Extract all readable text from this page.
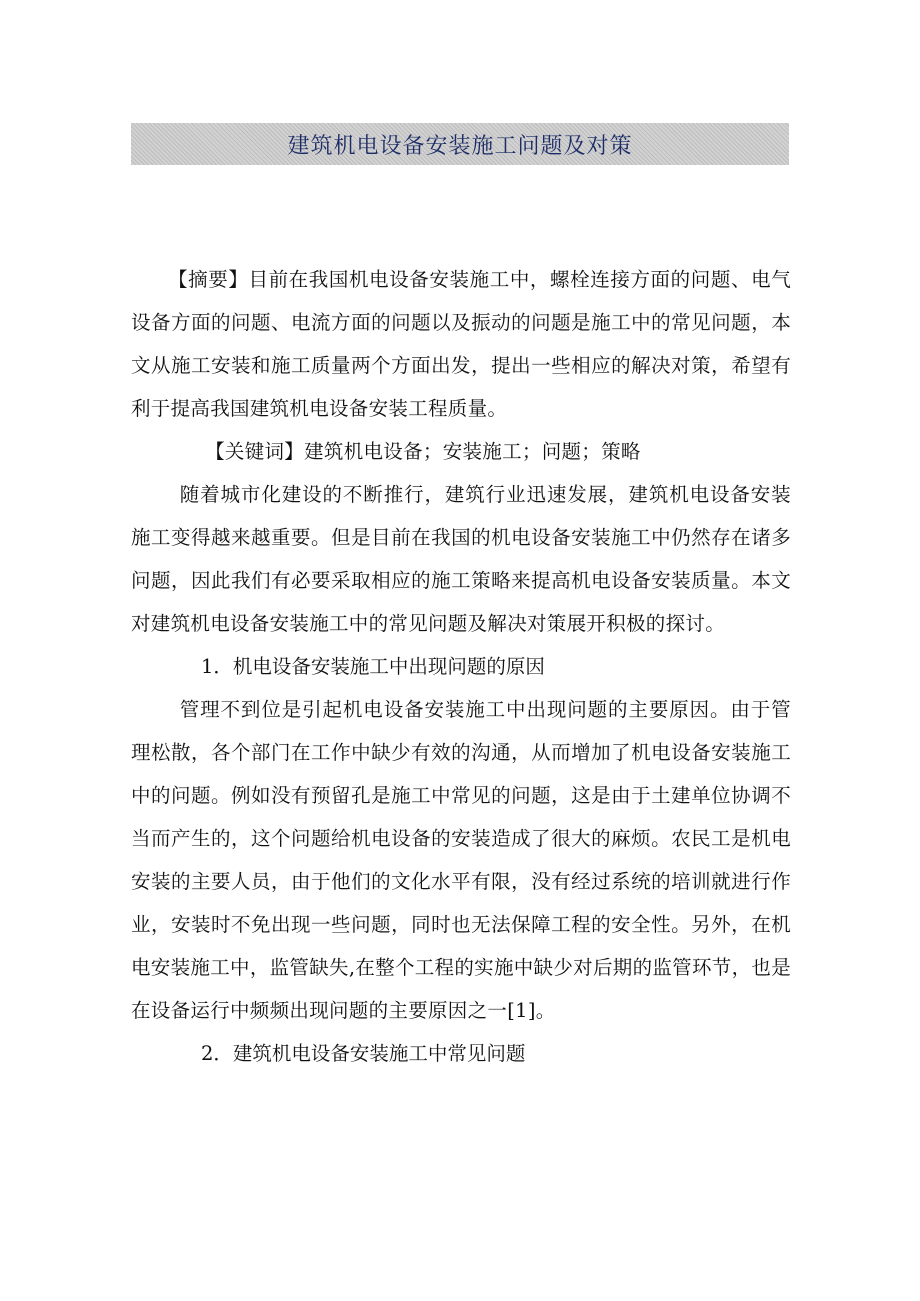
建筑机电设备安装施工问题及对策

【摘要】目前在我国机电设备安装施工中，螺栓连接方面的问题、电气设备方面的问题、电流方面的问题以及振动的问题是施工中的常见问题，本文从施工安装和施工质量两个方面出发，提出一些相应的解决对策，希望有利于提高我国建筑机电设备安装工程质量。

【关键词】建筑机电设备；安装施工；问题；策略

随着城市化建设的不断推行，建筑行业迅速发展，建筑机电设备安装施工变得越来越重要。但是目前在我国的机电设备安装施工中仍然存在诸多问题，因此我们有必要采取相应的施工策略来提高机电设备安装质量。本文对建筑机电设备安装施工中的常见问题及解决对策展开积极的探讨。

1．机电设备安装施工中出现问题的原因

管理不到位是引起机电设备安装施工中出现问题的主要原因。由于管理松散，各个部门在工作中缺少有效的沟通，从而增加了机电设备安装施工中的问题。例如没有预留孔是施工中常见的问题，这是由于土建单位协调不当而产生的，这个问题给机电设备的安装造成了很大的麻烦。农民工是机电安装的主要人员，由于他们的文化水平有限，没有经过系统的培训就进行作业，安装时不免出现一些问题，同时也无法保障工程的安全性。另外，在机电安装施工中，监管缺失,在整个工程的实施中缺少对后期的监管环节，也是在设备运行中频频出现问题的主要原因之一[1]。

2．建筑机电设备安装施工中常见问题
